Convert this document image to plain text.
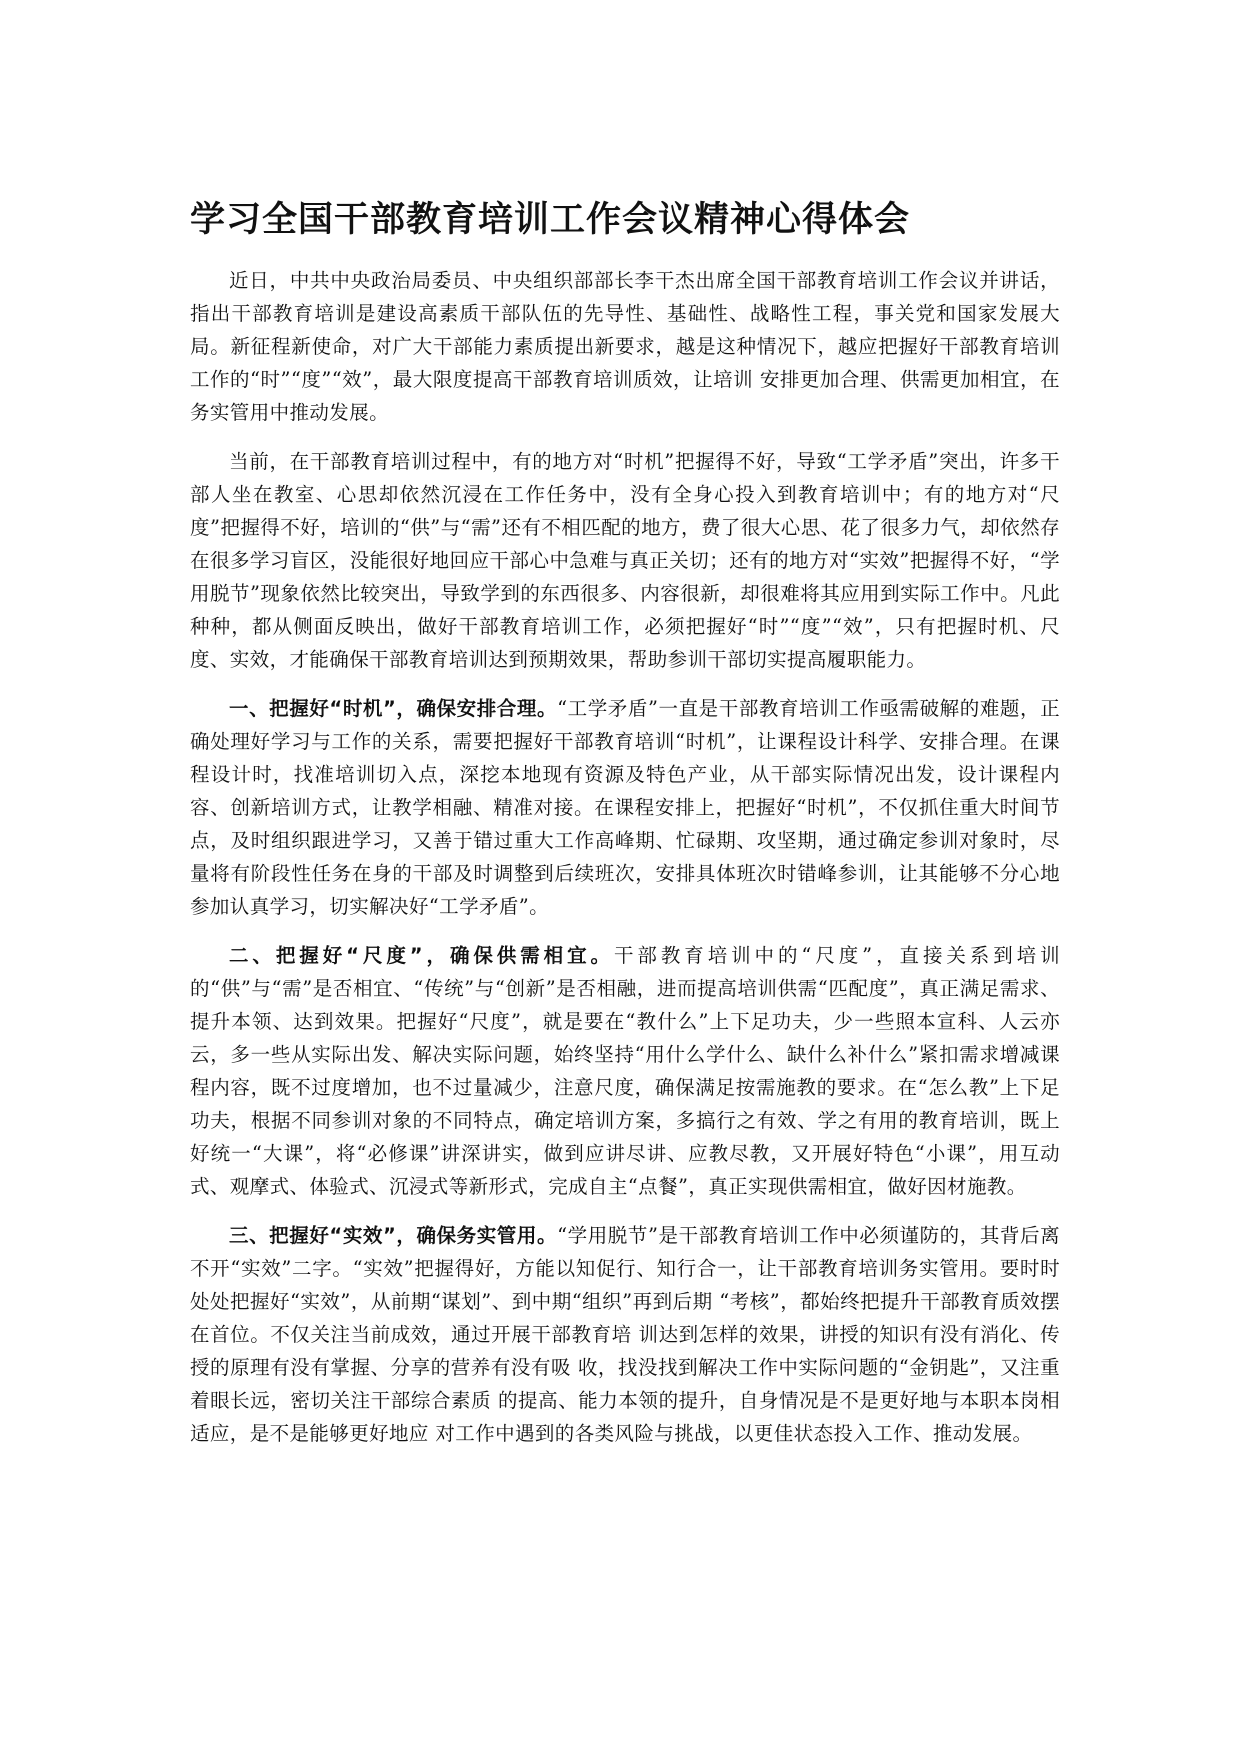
学习全国干部教育培训工作会议精神心得体会

近日，中共中央政治局委员、中央组织部部长李干杰出席全国干部教育培训工作会议并讲话，指出干部教育培训是建设高素质干部队伍的先导性、基础性、战略性工程，事关党和国家发展大局。新征程新使命，对广大干部能力素质提出新要求，越是这种情况下，越应把握好干部教育培训工作的“时”“度”“效”，最大限度提高干部教育培训质效，让培训 安排更加合理、供需更加相宜，在务实管用中推动发展。

当前，在干部教育培训过程中，有的地方对“时机”把握得不好，导致“工学矛盾”突出，许多干部人坐在教室、心思却依然沉浸在工作任务中，没有全身心投入到教育培训中；有的地方对“尺度”把握得不好，培训的“供”与“需”还有不相匹配的地方，费了很大心思、花了很多力气，却依然存在很多学习盲区，没能很好地回应干部心中急难与真正关切；还有的地方对“实效”把握得不好，“学用脱节”现象依然比较突出，导致学到的东西很多、内容很新，却很难将其应用到实际工作中。凡此种种，都从侧面反映出，做好干部教育培训工作，必须把握好“时”“度”“效”，只有把握时机、尺度、实效，才能确保干部教育培训达到预期效果，帮助参训干部切实提高履职能力。

一、把握好“时机”，确保安排合理。“工学矛盾”一直是干部教育培训工作亟需破解的难题，正确处理好学习与工作的关系，需要把握好干部教育培训“时机”，让课程设计科学、安排合理。在课程设计时，找准培训切入点，深挖本地现有资源及特色产业，从干部实际情况出发，设计课程内容、创新培训方式，让教学相融、精准对接。在课程安排上，把握好“时机”，不仅抓住重大时间节点，及时组织跟进学习，又善于错过重大工作高峰期、忙碌期、攻坚期，通过确定参训对象时，尽量将有阶段性任务在身的干部及时调整到后续班次，安排具体班次时错峰参训，让其能够不分心地参加认真学习，切实解决好“工学矛盾”。

二、把握好“尺度”，确保供需相宜。干部教育培训中的“尺度”，直接关系到培训的“供”与“需”是否相宜、“传统”与“创新”是否相融，进而提高培训供需“匹配度”，真正满足需求、提升本领、达到效果。把握好“尺度”，就是要在“教什么”上下足功夫，少一些照本宣科、人云亦云，多一些从实际出发、解决实际问题，始终坚持“用什么学什么、缺什么补什么”紧扣需求增减课程内容，既不过度增加，也不过量减少，注意尺度，确保满足按需施教的要求。在“怎么教”上下足功夫，根据不同参训对象的不同特点，确定培训方案，多搞行之有效、学之有用的教育培训，既上好统一“大课”，将“必修课”讲深讲实，做到应讲尽讲、应教尽教，又开展好特色“小课”，用互动式、观摩式、体验式、沉浸式等新形式，完成自主“点餐”，真正实现供需相宜，做好因材施教。

三、把握好“实效”，确保务实管用。“学用脱节”是干部教育培训工作中必须谨防的，其背后离不开“实效”二字。“实效”把握得好，方能以知促行、知行合一，让干部教育培训务实管用。要时时处处把握好“实效”，从前期“谋划”、到中期“组织”再到后期 “考核”，都始终把提升干部教育质效摆在首位。不仅关注当前成效，通过开展干部教育培 训达到怎样的效果，讲授的知识有没有消化、传授的原理有没有掌握、分享的营养有没有吸 收，找没找到解决工作中实际问题的“金钥匙”，又注重着眼长远，密切关注干部综合素质 的提高、能力本领的提升，自身情况是不是更好地与本职本岗相适应，是不是能够更好地应 对工作中遇到的各类风险与挑战，以更佳状态投入工作、推动发展。
